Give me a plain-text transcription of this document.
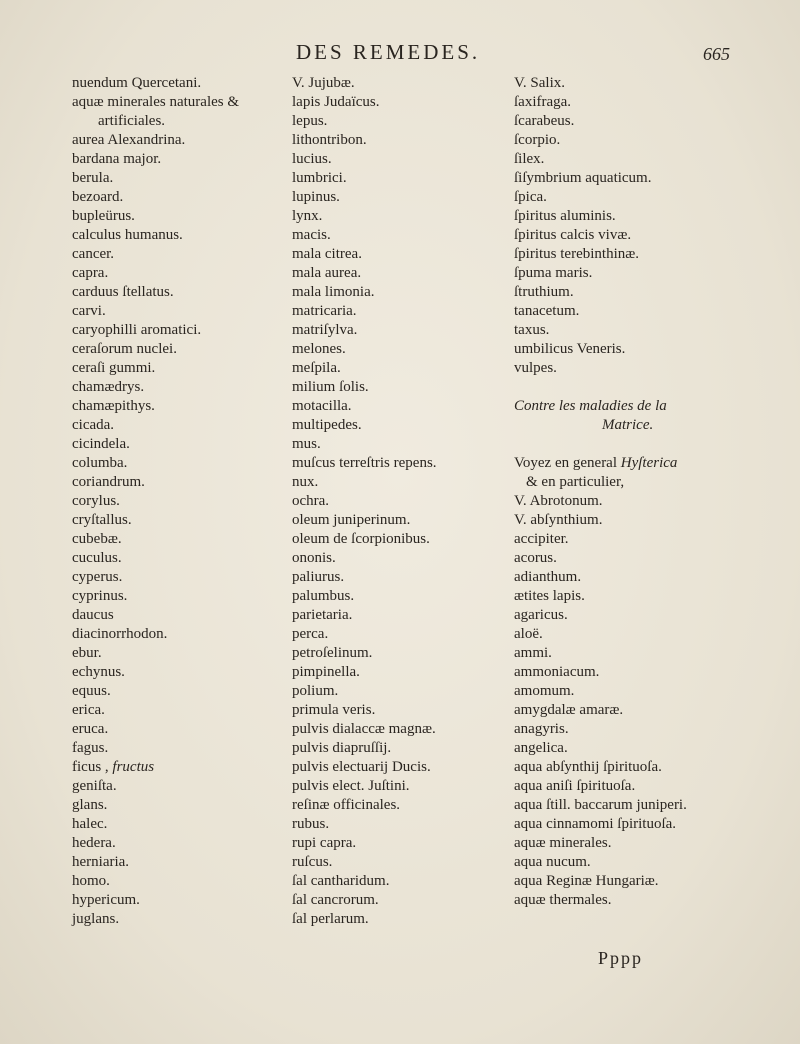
DES REMEDES.	665
nuendum Quercetani.
aquæ minerales naturales &
artificiales.
aurea Alexandrina.
bardana major.
berula.
bezoard.
bupleürus.
calculus humanus.
cancer.
capra.
carduus ſtellatus.
carvi.
caryophilli aromatici.
ceraſorum nuclei.
ceraſi gummi.
chamædrys.
chamæpithys.
cicada.
cicindela.
columba.
coriandrum.
corylus.
cryſtallus.
cubebæ.
cuculus.
cyperus.
cyprinus.
daucus
diacinorrhodon.
ebur.
echynus.
equus.
erica.
eruca.
fagus.
ficus , fructus
geniſta.
glans.
halec.
hedera.
herniaria.
homo.
hypericum.
juglans.
V. Jujubæ.
lapis Judaïcus.
lepus.
lithontribon.
lucius.
lumbrici.
lupinus.
lynx.
macis.
mala citrea.
mala aurea.
mala limonia.
matricaria.
matriſylva.
melones.
meſpila.
milium ſolis.
motacilla.
multipedes.
mus.
muſcus terreſtris repens.
nux.
ochra.
oleum juniperinum.
oleum de ſcorpionibus.
ononis.
paliurus.
palumbus.
parietaria.
perca.
petroſelinum.
pimpinella.
polium.
primula veris.
pulvis dialaccæ magnæ.
pulvis diapruſſij.
pulvis electuarij Ducis.
pulvis elect. Juſtini.
reſinæ officinales.
rubus.
rupi capra.
ruſcus.
ſal cantharidum.
ſal cancrorum.
ſal perlarum.
V. Salix.
ſaxifraga.
ſcarabeus.
ſcorpio.
ſilex.
ſiſymbrium aquaticum.
ſpica.
ſpiritus aluminis.
ſpiritus calcis vivæ.
ſpiritus terebinthinæ.
ſpuma maris.
ſtruthium.
tanacetum.
taxus.
umbilicus Veneris.
vulpes.
Contre les maladies de la
Matrice.
Voyez en general Hyſterica
& en particulier,
V. Abrotonum.
V. abſynthium.
accipiter.
acorus.
adianthum.
ætites lapis.
agaricus.
aloë.
ammi.
ammoniacum.
amomum.
amygdalæ amaræ.
anagyris.
angelica.
aqua abſynthij ſpirituoſa.
aqua aniſi ſpirituoſa.
aqua ſtill. baccarum juniperi.
aqua cinnamomi ſpirituoſa.
aquæ minerales.
aqua nucum.
aqua Reginæ Hungariæ.
aquæ thermales.
Pppp
